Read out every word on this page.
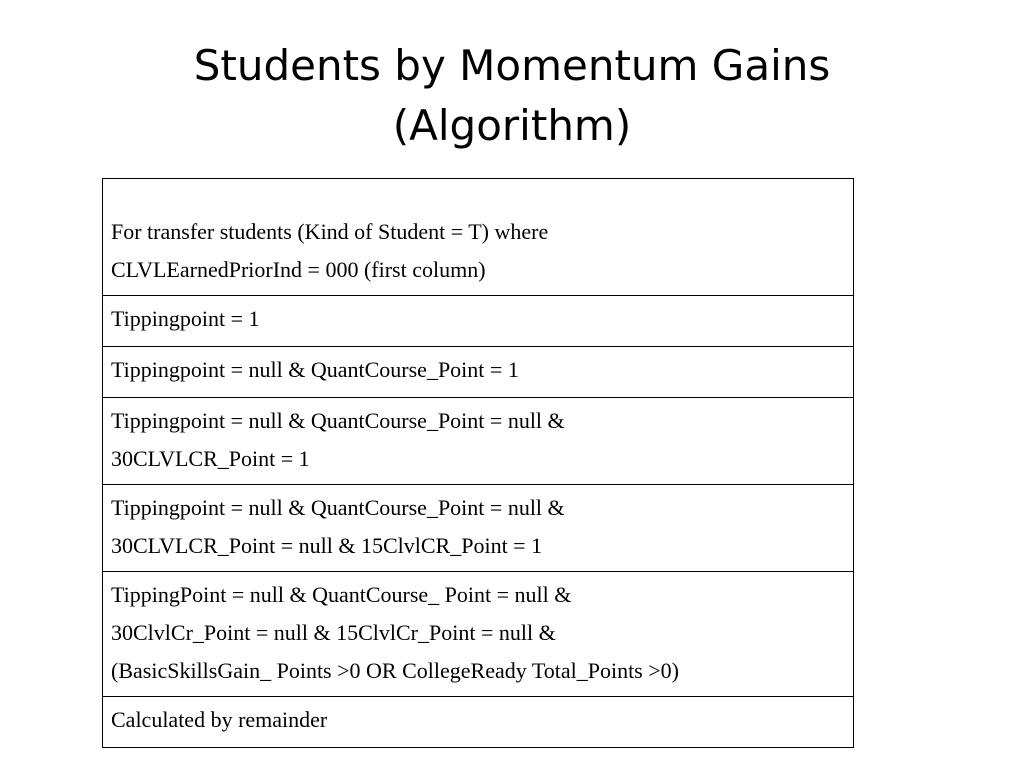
Students by Momentum Gains
(Algorithm)
For transfer students (Kind of Student = T) where
CLVLEarnedPriorInd = 000 (first column)

Tippingpoint = 1

Tippingpoint = null & QuantCourse_Point = 1

Tippingpoint = null & QuantCourse_Point = null &
30CLVLCR_Point = 1

Tippingpoint = null & QuantCourse_Point = null &
30CLVLCR_Point = null & 15ClvlCR_Point = 1

TippingPoint = null & QuantCourse_ Point = null &
30ClvlCr_Point = null & 15ClvlCr_Point = null &
(BasicSkillsGain_ Points >0 OR CollegeReady Total_Points >0)

Calculated by remainder
